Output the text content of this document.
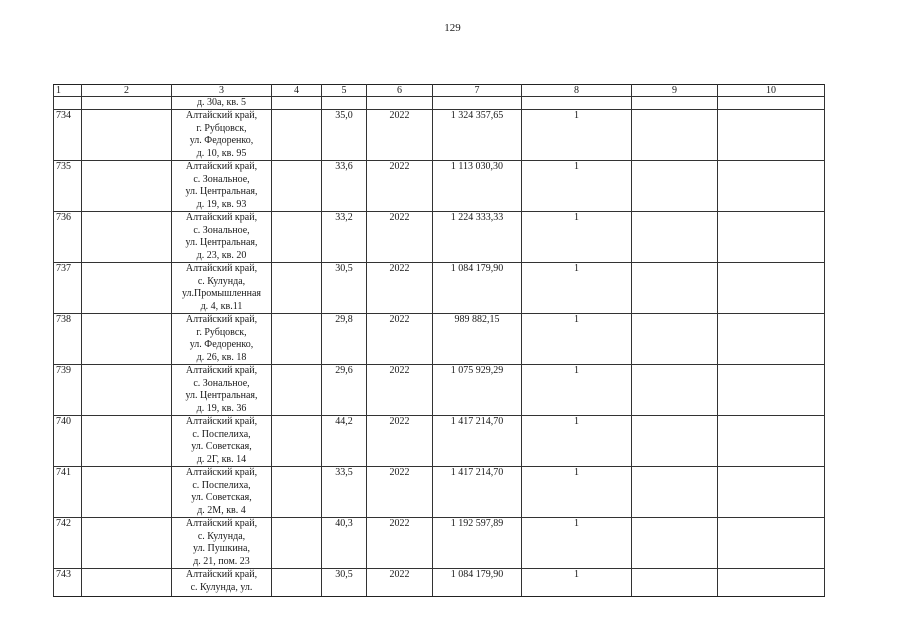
129
1	2	3	4	5	6	7	8	9	10
		д. 30а, кв. 5							
734		Алтайский край,
г. Рубцовск,
ул. Федоренко,
д. 10, кв. 95		35,0	2022	1 324 357,65	1		
735		Алтайский край,
с. Зональное,
ул. Центральная,
д. 19, кв. 93		33,6	2022	1 113 030,30	1		
736		Алтайский край,
с. Зональное,
ул. Центральная,
д. 23, кв. 20		33,2	2022	1 224 333,33	1		
737		Алтайский край,
с. Кулунда,
ул.Промышленная
д. 4, кв.11		30,5	2022	1 084 179,90	1		
738		Алтайский край,
г. Рубцовск,
ул. Федоренко,
д. 26, кв. 18		29,8	2022	989 882,15	1		
739		Алтайский край,
с. Зональное,
ул. Центральная,
д. 19, кв. 36		29,6	2022	1 075 929,29	1		
740		Алтайский край,
с. Поспелиха,
ул. Советская,
д. 2Г, кв. 14		44,2	2022	1 417 214,70	1		
741		Алтайский край,
с. Поспелиха,
ул. Советская,
д. 2М, кв. 4		33,5	2022	1 417 214,70	1		
742		Алтайский край,
с. Кулунда,
ул. Пушкина,
д. 21, пом. 23		40,3	2022	1 192 597,89	1		
743		Алтайский край,
с. Кулунда, ул.		30,5	2022	1 084 179,90	1		
